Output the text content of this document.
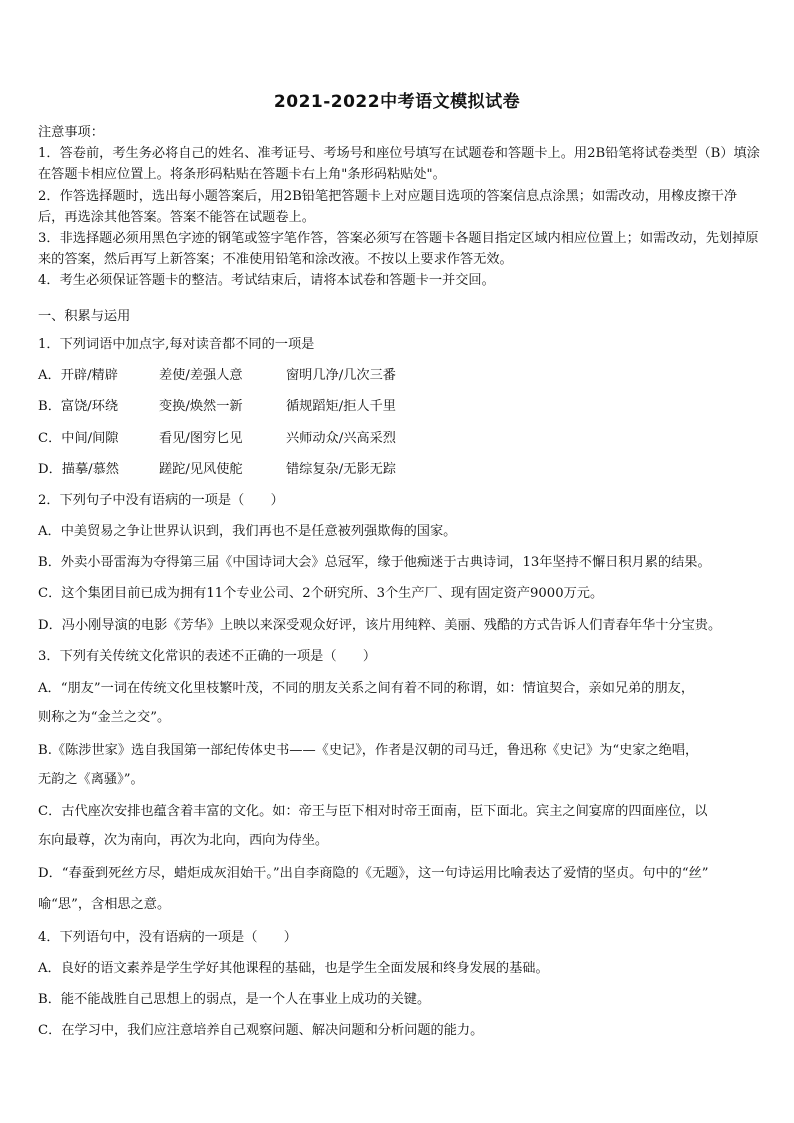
2021-2022中考语文模拟试卷

注意事项：

1．答卷前，考生务必将自己的姓名、准考证号、考场号和座位号填写在试题卷和答题卡上。用2B铅笔将试卷类型（B）填涂在答题卡相应位置上。将条形码粘贴在答题卡右上角"条形码粘贴处"。

2．作答选择题时，选出每小题答案后，用2B铅笔把答题卡上对应题目选项的答案信息点涂黑；如需改动，用橡皮擦干净后，再选涂其他答案。答案不能答在试题卷上。

3．非选择题必须用黑色字迹的钢笔或签字笔作答，答案必须写在答题卡各题目指定区域内相应位置上；如需改动，先划掉原来的答案，然后再写上新答案；不准使用铅笔和涂改液。不按以上要求作答无效。

4．考生必须保证答题卡的整洁。考试结束后，请将本试卷和答题卡一并交回。

一、积累与运用
1．下列词语中加点字,每对读音都不同的一项是
A．开辟/精辟	差使/差强人意	窗明几净/几次三番
B．富饶/环绕	变换/焕然一新	循规蹈矩/拒人千里
C．中间/间隙	看见/图穷匕见	兴师动众/兴高采烈
D．描摹/慕然	蹉跎/见风使舵	错综复杂/无影无踪
2．下列句子中没有语病的一项是（　　）
A．中美贸易之争让世界认识到，我们再也不是任意被列强欺侮的国家。
B．外卖小哥雷海为夺得第三届《中国诗词大会》总冠军，缘于他痴迷于古典诗词，13年坚持不懈日积月累的结果。
C．这个集团目前已成为拥有11个专业公司、2个研究所、3个生产厂、现有固定资产9000万元。
D．冯小刚导演的电影《芳华》上映以来深受观众好评，该片用纯粹、美丽、残酷的方式告诉人们青春年华十分宝贵。
3．下列有关传统文化常识的表述不正确的一项是（　　）
A．“朋友”一词在传统文化里枝繁叶茂，不同的朋友关系之间有着不同的称谓，如：情谊契合，亲如兄弟的朋友，
则称之为“金兰之交”。
B.《陈涉世家》选自我国第一部纪传体史书——《史记》，作者是汉朝的司马迁，鲁迅称《史记》为“史家之绝唱，
无韵之《离骚》”。
C．古代座次安排也蕴含着丰富的文化。如：帝王与臣下相对时帝王面南，臣下面北。宾主之间宴席的四面座位，以
东向最尊，次为南向，再次为北向，西向为侍坐。
D．“春蚕到死丝方尽，蜡炬成灰泪始干。”出自李商隐的《无题》，这一句诗运用比喻表达了爱情的坚贞。句中的“丝”
喻“思”，含相思之意。
4．下列语句中，没有语病的一项是（　　）
A．良好的语文素养是学生学好其他课程的基础，也是学生全面发展和终身发展的基础。
B．能不能战胜自己思想上的弱点，是一个人在事业上成功的关键。
C．在学习中，我们应注意培养自己观察问题、解决问题和分析问题的能力。
